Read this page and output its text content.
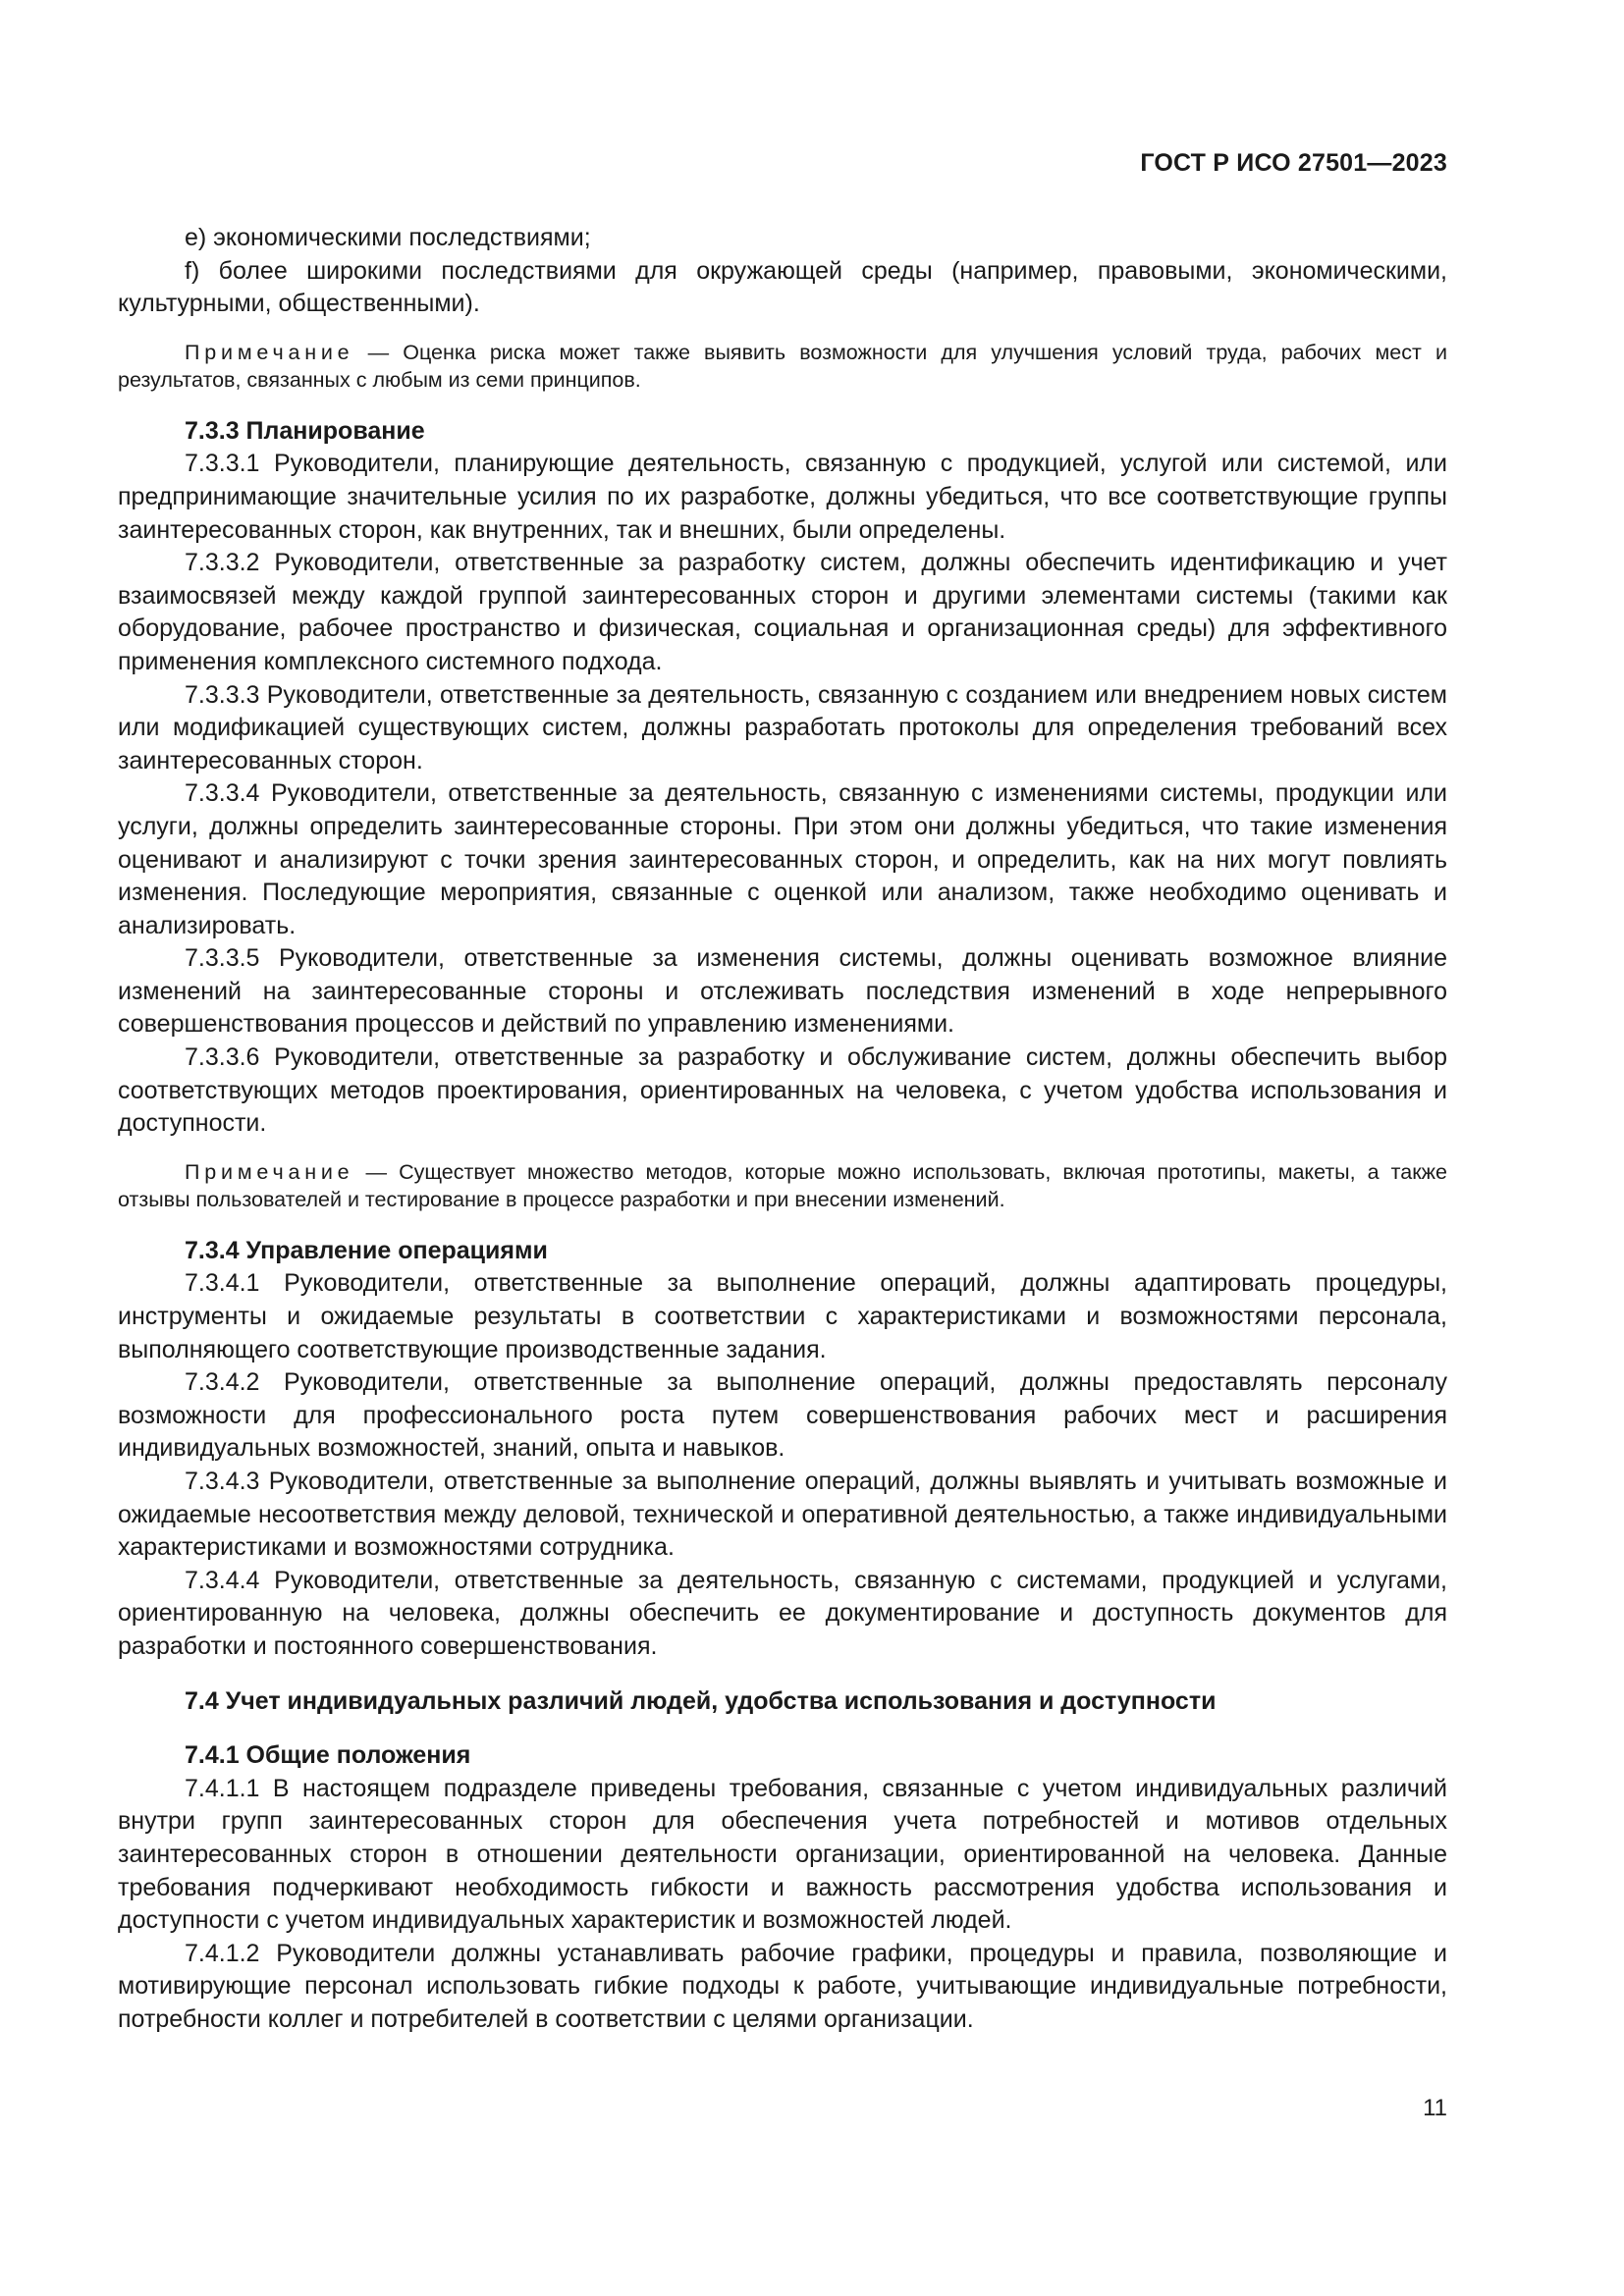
ГОСТ Р ИСО 27501—2023

е) экономическими последствиями;

f) более широкими последствиями для окружающей среды (например, правовыми, экономическими, культурными, общественными).

Примечание — Оценка риска может также выявить возможности для улучшения условий труда, рабочих мест и результатов, связанных с любым из семи принципов.

7.3.3 Планирование

7.3.3.1 Руководители, планирующие деятельность, связанную с продукцией, услугой или системой, или предпринимающие значительные усилия по их разработке, должны убедиться, что все соответствующие группы заинтересованных сторон, как внутренних, так и внешних, были определены.

7.3.3.2 Руководители, ответственные за разработку систем, должны обеспечить идентификацию и учет взаимосвязей между каждой группой заинтересованных сторон и другими элементами системы (такими как оборудование, рабочее пространство и физическая, социальная и организационная среды) для эффективного применения комплексного системного подхода.

7.3.3.3 Руководители, ответственные за деятельность, связанную с созданием или внедрением новых систем или модификацией существующих систем, должны разработать протоколы для определения требований всех заинтересованных сторон.

7.3.3.4 Руководители, ответственные за деятельность, связанную с изменениями системы, продукции или услуги, должны определить заинтересованные стороны. При этом они должны убедиться, что такие изменения оценивают и анализируют с точки зрения заинтересованных сторон, и определить, как на них могут повлиять изменения. Последующие мероприятия, связанные с оценкой или анализом, также необходимо оценивать и анализировать.

7.3.3.5 Руководители, ответственные за изменения системы, должны оценивать возможное влияние изменений на заинтересованные стороны и отслеживать последствия изменений в ходе непрерывного совершенствования процессов и действий по управлению изменениями.

7.3.3.6 Руководители, ответственные за разработку и обслуживание систем, должны обеспечить выбор соответствующих методов проектирования, ориентированных на человека, с учетом удобства использования и доступности.

Примечание — Существует множество методов, которые можно использовать, включая прототипы, макеты, а также отзывы пользователей и тестирование в процессе разработки и при внесении изменений.

7.3.4 Управление операциями

7.3.4.1 Руководители, ответственные за выполнение операций, должны адаптировать процедуры, инструменты и ожидаемые результаты в соответствии с характеристиками и возможностями персонала, выполняющего соответствующие производственные задания.

7.3.4.2 Руководители, ответственные за выполнение операций, должны предоставлять персоналу возможности для профессионального роста путем совершенствования рабочих мест и расширения индивидуальных возможностей, знаний, опыта и навыков.

7.3.4.3 Руководители, ответственные за выполнение операций, должны выявлять и учитывать возможные и ожидаемые несоответствия между деловой, технической и оперативной деятельностью, а также индивидуальными характеристиками и возможностями сотрудника.

7.3.4.4 Руководители, ответственные за деятельность, связанную с системами, продукцией и услугами, ориентированную на человека, должны обеспечить ее документирование и доступность документов для разработки и постоянного совершенствования.

7.4 Учет индивидуальных различий людей, удобства использования и доступности
7.4.1 Общие положения

7.4.1.1 В настоящем подразделе приведены требования, связанные с учетом индивидуальных различий внутри групп заинтересованных сторон для обеспечения учета потребностей и мотивов отдельных заинтересованных сторон в отношении деятельности организации, ориентированной на человека. Данные требования подчеркивают необходимость гибкости и важность рассмотрения удобства использования и доступности с учетом индивидуальных характеристик и возможностей людей.

7.4.1.2 Руководители должны устанавливать рабочие графики, процедуры и правила, позволяющие и мотивирующие персонал использовать гибкие подходы к работе, учитывающие индивидуальные потребности, потребности коллег и потребителей в соответствии с целями организации.

11
